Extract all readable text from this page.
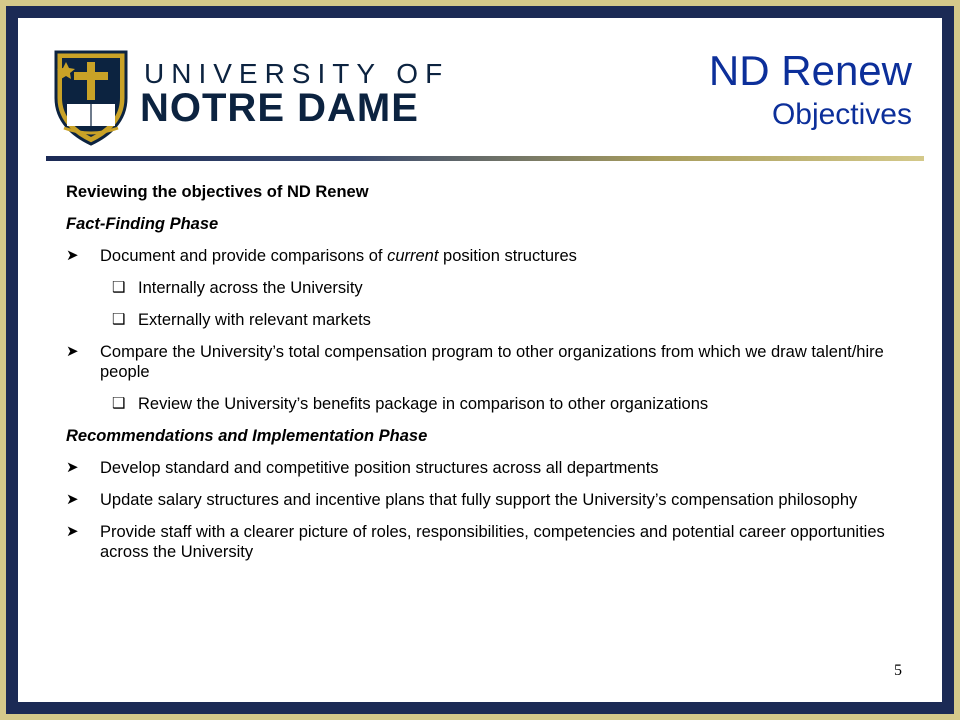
UNIVERSITY OF
NOTRE DAME
ND Renew
Objectives
Reviewing the objectives of ND Renew
Fact-Finding Phase
➤ Document and provide comparisons of current position structures
❑ Internally across the University
❑ Externally with relevant markets
➤ Compare the University’s total compensation program to other organizations from which we draw talent/hire people
❑ Review the University’s benefits package in comparison to other organizations
Recommendations and Implementation Phase
➤ Develop standard and competitive position structures across all departments
➤ Update salary structures and incentive plans that fully support the University’s compensation philosophy
➤ Provide staff with a clearer picture of roles, responsibilities, competencies and potential career opportunities across the University
5
